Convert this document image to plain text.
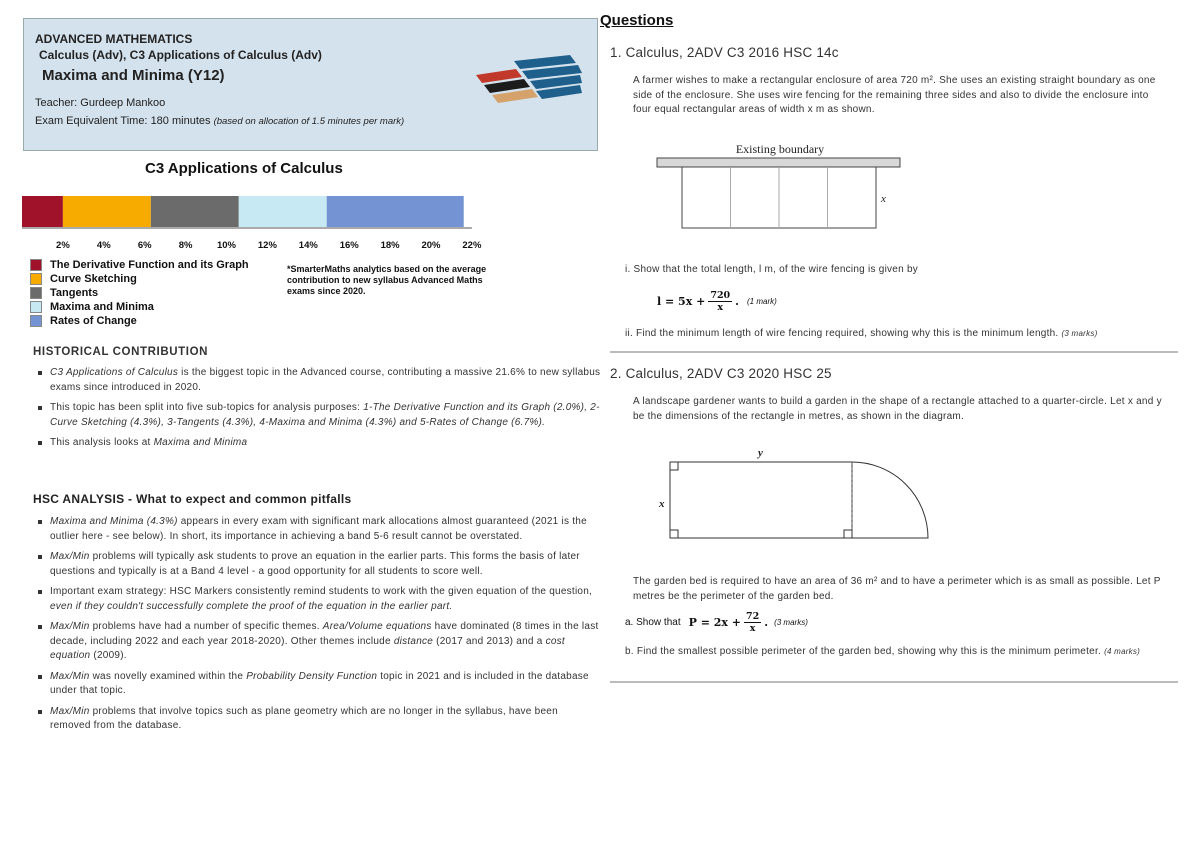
ADVANCED MATHEMATICS
Calculus (Adv), C3 Applications of Calculus (Adv)
Maxima and Minima (Y12)
Teacher: Gurdeep Mankoo
Exam Equivalent Time: 180 minutes (based on allocation of 1.5 minutes per mark)
C3 Applications of Calculus
2%	4%	6%	8%	10% 12% 14% 16% 18% 20% 22%
The Derivative Function and its Graph
Curve Sketching
Tangents
Maxima and Minima
Rates of Change
*SmarterMaths analytics based on the average contribution to new syllabus Advanced Maths exams since 2020.
HISTORICAL CONTRIBUTION
C3 Applications of Calculus is the biggest topic in the Advanced course, contributing a massive 21.6% to new syllabus exams since introduced in 2020.
This topic has been split into five sub-topics for analysis purposes: 1-The Derivative Function and its Graph (2.0%), 2-Curve Sketching (4.3%), 3-Tangents (4.3%), 4-Maxima and Minima (4.3%) and 5-Rates of Change (6.7%).
This analysis looks at Maxima and Minima
HSC ANALYSIS - What to expect and common pitfalls
Maxima and Minima (4.3%) appears in every exam with significant mark allocations almost guaranteed (2021 is the outlier here - see below). In short, its importance in achieving a band 5-6 result cannot be overstated.
Max/Min problems will typically ask students to prove an equation in the earlier parts. This forms the basis of later questions and typically is at a Band 4 level - a good opportunity for all students to score well.
Important exam strategy: HSC Markers consistently remind students to work with the given equation of the question, even if they couldn't successfully complete the proof of the equation in the earlier part.
Max/Min problems have had a number of specific themes. Area/Volume equations have dominated (8 times in the last decade, including 2022 and each year 2018-2020). Other themes include distance (2017 and 2013) and a cost equation (2009).
Max/Min was novelly examined within the Probability Density Function topic in 2021 and is included in the database under that topic.
Max/Min problems that involve topics such as plane geometry which are no longer in the syllabus, have been removed from the database.
Questions
1. Calculus, 2ADV C3 2016 HSC 14c
A farmer wishes to make a rectangular enclosure of area 720 m². She uses an existing straight boundary as one side of the enclosure. She uses wire fencing for the remaining three sides and also to divide the enclosure into four equal rectangular areas of width x m as shown.
Existing boundary
x
i. Show that the total length, l m, of the wire fencing is given by
$l = 5x + \frac{720}{x}$ . (1 mark)
ii. Find the minimum length of wire fencing required, showing why this is the minimum length. (3 marks)
2. Calculus, 2ADV C3 2020 HSC 25
A landscape gardener wants to build a garden in the shape of a rectangle attached to a quarter-circle. Let x and y be the dimensions of the rectangle in metres, as shown in the diagram.
y
x
The garden bed is required to have an area of 36 m² and to have a perimeter which is as small as possible. Let P metres be the perimeter of the garden bed.
a. Show that $P = 2x + \frac{72}{x}$ . (3 marks)
b. Find the smallest possible perimeter of the garden bed, showing why this is the minimum perimeter. (4 marks)
